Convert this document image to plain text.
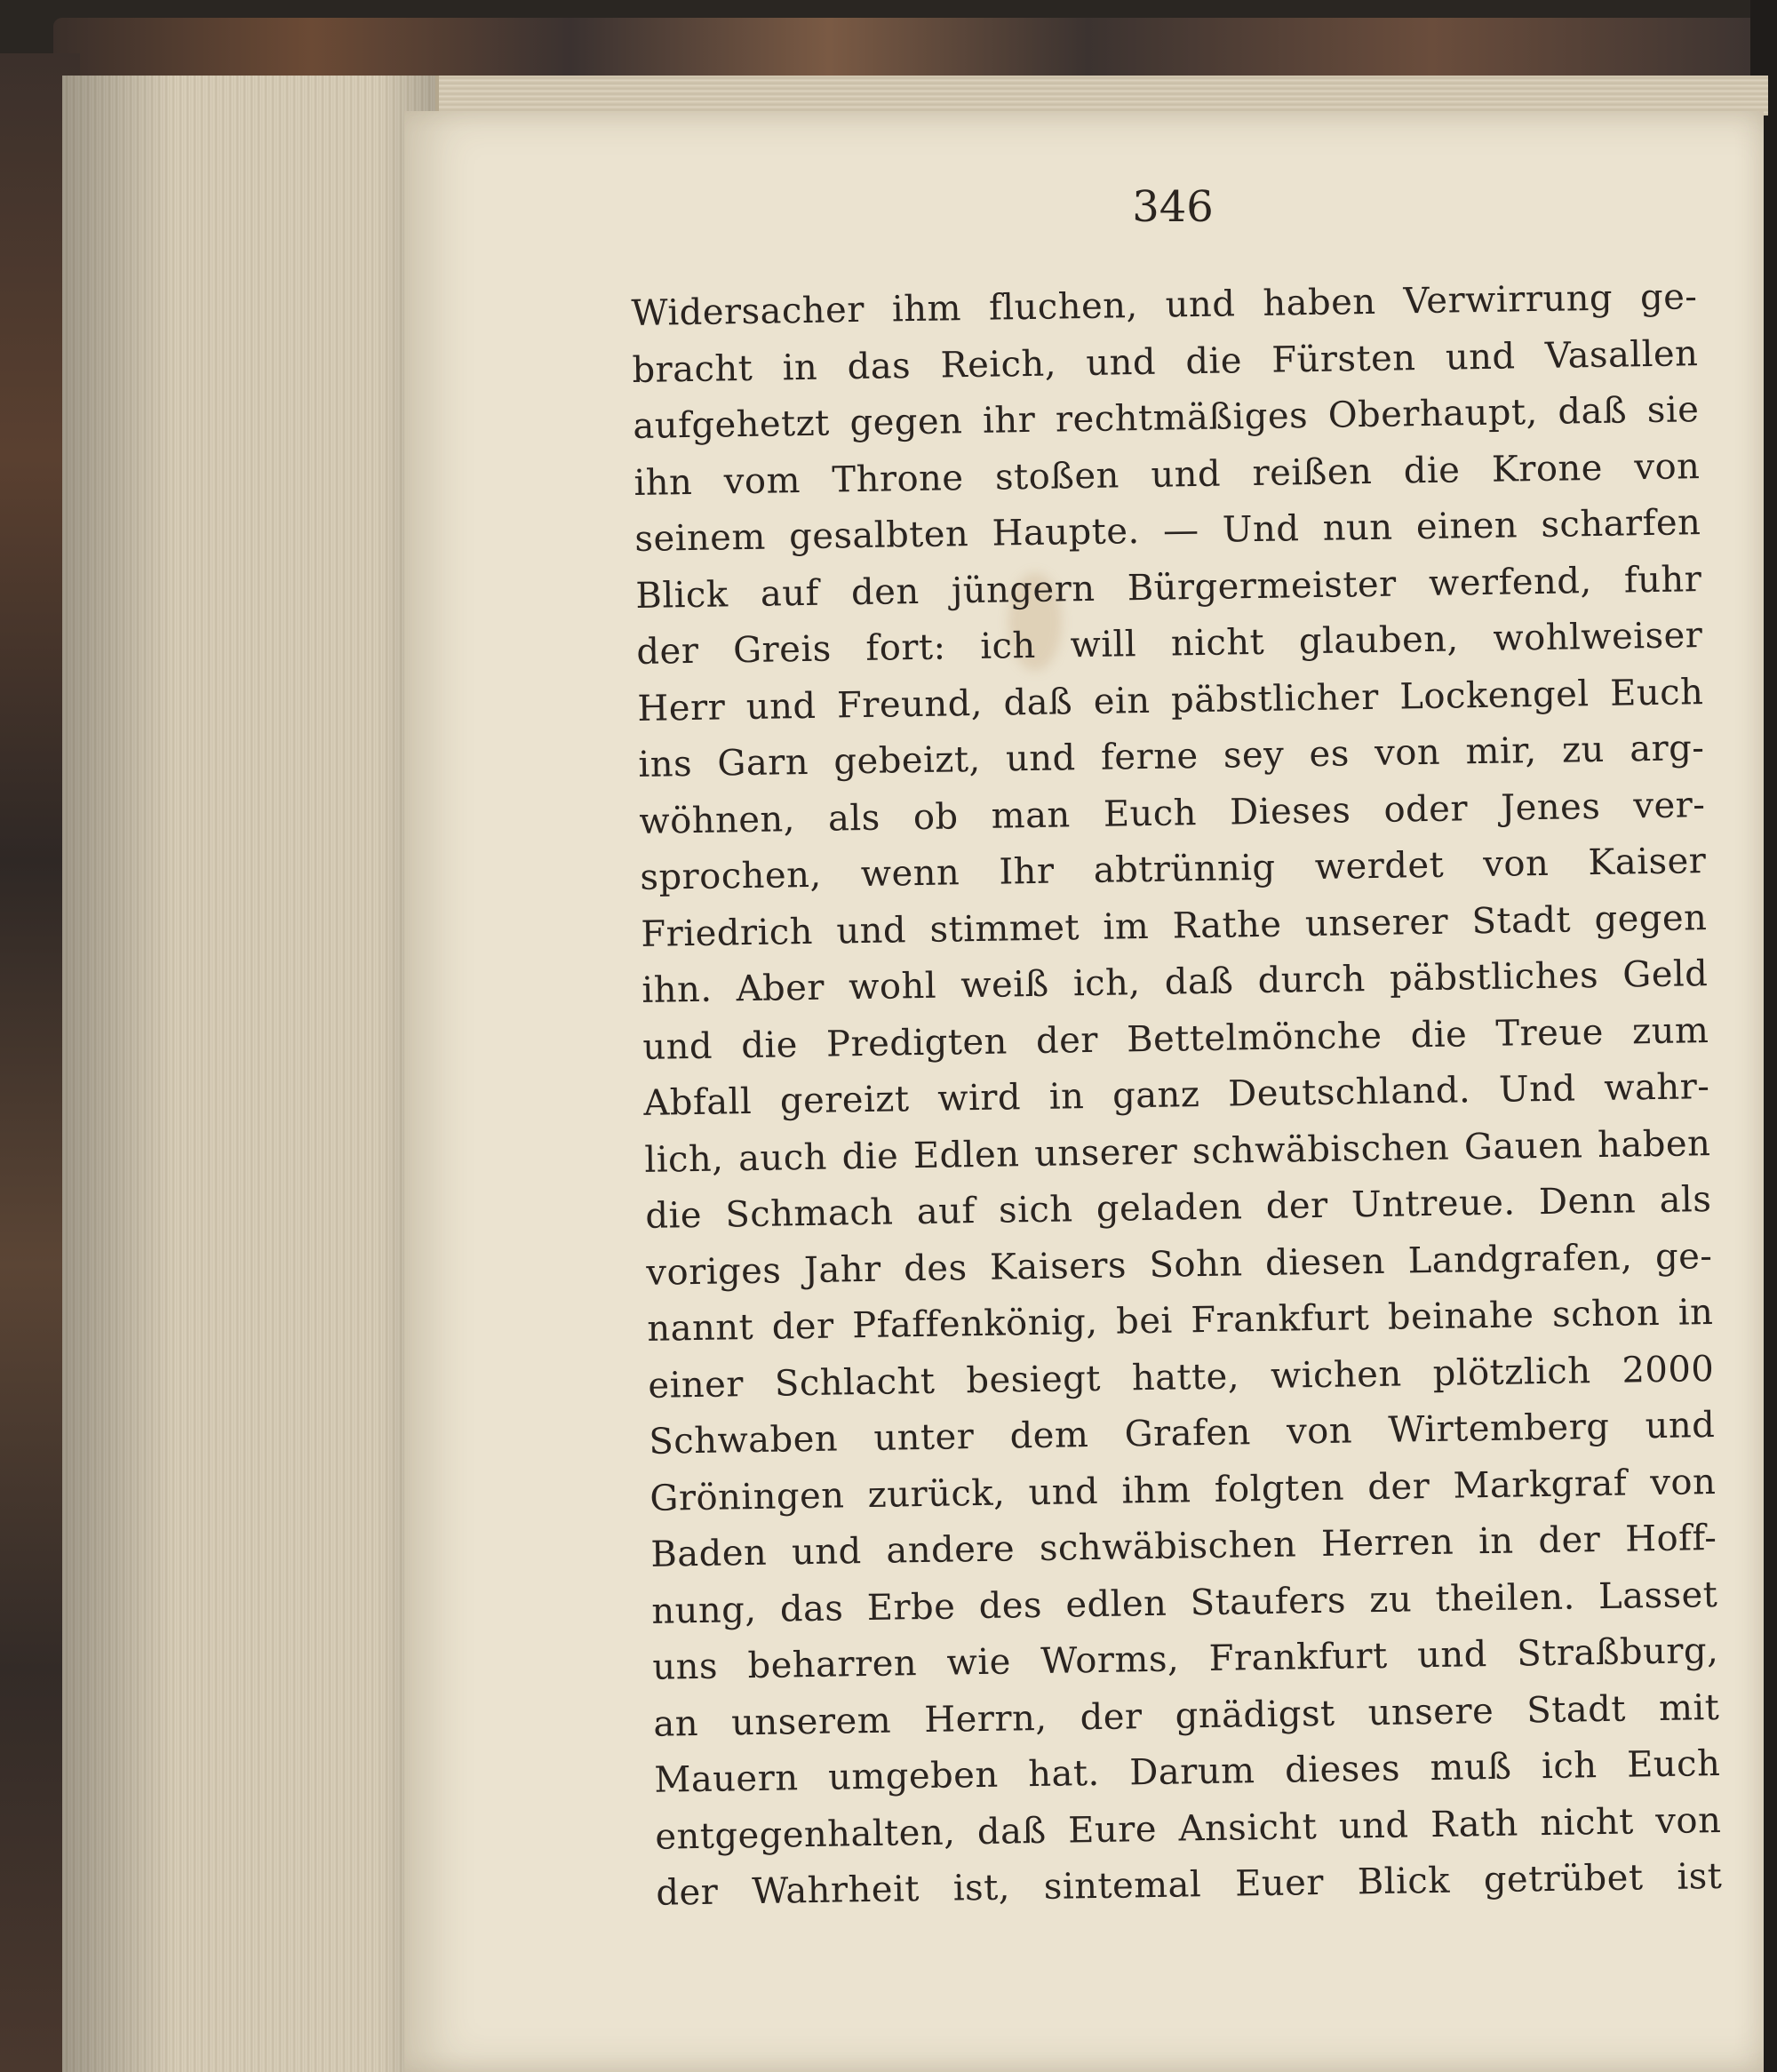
346
Widersacher ihm fluchen, und haben Verwirrung ge-
bracht in das Reich, und die Fürsten und Vasallen
aufgehetzt gegen ihr rechtmäßiges Oberhaupt, daß sie
ihn vom Throne stoßen und reißen die Krone von
seinem gesalbten Haupte. — Und nun einen scharfen
Blick auf den jüngern Bürgermeister werfend, fuhr
der Greis fort: ich will nicht glauben, wohlweiser
Herr und Freund, daß ein päbstlicher Lockengel Euch
ins Garn gebeizt, und ferne sey es von mir, zu arg-
wöhnen, als ob man Euch Dieses oder Jenes ver-
sprochen, wenn Ihr abtrünnig werdet von Kaiser
Friedrich und stimmet im Rathe unserer Stadt gegen
ihn. Aber wohl weiß ich, daß durch päbstliches Geld
und die Predigten der Bettelmönche die Treue zum
Abfall gereizt wird in ganz Deutschland. Und wahr-
lich, auch die Edlen unserer schwäbischen Gauen haben
die Schmach auf sich geladen der Untreue. Denn als
voriges Jahr des Kaisers Sohn diesen Landgrafen, ge-
nannt der Pfaffenkönig, bei Frankfurt beinahe schon in
einer Schlacht besiegt hatte, wichen plötzlich 2000
Schwaben unter dem Grafen von Wirtemberg und
Gröningen zurück, und ihm folgten der Markgraf von
Baden und andere schwäbischen Herren in der Hoff-
nung, das Erbe des edlen Staufers zu theilen. Lasset
uns beharren wie Worms, Frankfurt und Straßburg,
an unserem Herrn, der gnädigst unsere Stadt mit
Mauern umgeben hat. Darum dieses muß ich Euch
entgegenhalten, daß Eure Ansicht und Rath nicht von
der Wahrheit ist, sintemal Euer Blick getrübet ist
